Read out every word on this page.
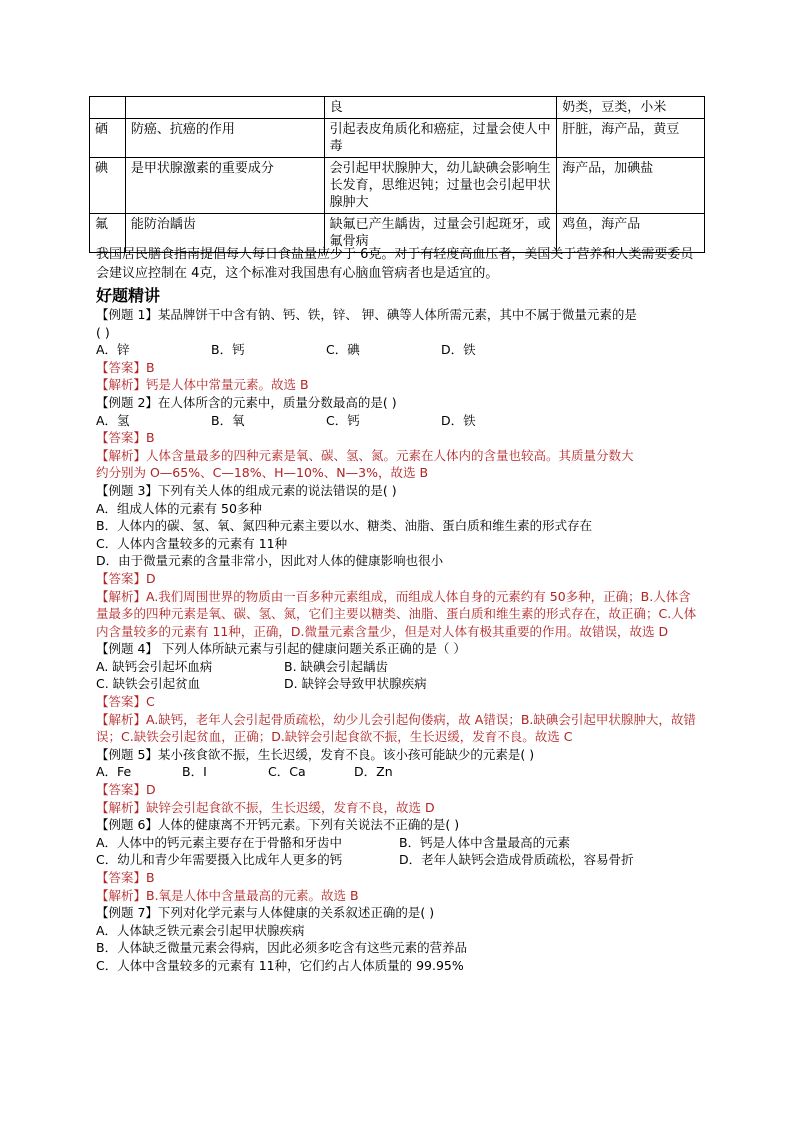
		良	奶类，豆类，小米
硒	防癌、抗癌的作用	引起表皮角质化和癌症，过量会使人中毒	肝脏，海产品，黄豆
碘	是甲状腺激素的重要成分	会引起甲状腺肿大，幼儿缺碘会影响生长发育，思维迟钝；过量也会引起甲状腺肿大	海产品，加碘盐
氟	能防治龋齿	缺氟已产生龋齿，过量会引起斑牙，或氟骨病	鸡鱼，海产品
我国居民膳食指南提倡每人每日食盐量应少于 6克。对于有轻度高血压者，美国关于营养和人类需要委员会建议应控制在 4克，这个标准对我国患有心脑血管病者也是适宜的。
好题精讲
【例题 1】某品牌饼干中含有钠、钙、铁，锌、 钾、碘等人体所需元素，其中不属于微量元素的是
( )
A．锌	B．钙	C．碘	D．铁
【答案】B
【解析】钙是人体中常量元素。故选 B
【例题 2】在人体所含的元素中，质量分数最高的是( )
A．氢	B．氧	C．钙	D．铁
【答案】B
【解析】人体含量最多的四种元素是氧、碳、氢、氮。元素在人体内的含量也较高。其质量分数大
约分别为 O—65%、C—18%、H—10%、N—3%，故选 B
【例题 3】下列有关人体的组成元素的说法错误的是( )
A．组成人体的元素有 50多种
B．人体内的碳、氢、氧、氮四种元素主要以水、糖类、油脂、蛋白质和维生素的形式存在
C．人体内含量较多的元素有 11种
D．由于微量元素的含量非常小，因此对人体的健康影响也很小
【答案】D
【解析】A.我们周围世界的物质由一百多种元素组成，而组成人体自身的元素约有 50多种，正确；B.人体含量最多的四种元素是氧、碳、氢、氮，它们主要以糖类、油脂、蛋白质和维生素的形式存在，故正确；C.人体内含量较多的元素有 11种，正确，D.微量元素含量少，但是对人体有极其重要的作用。故错误，故选 D
【例题 4】 下列人体所缺元素与引起的健康问题关系正确的是（ ）
A. 缺钙会引起坏血病	B. 缺碘会引起龋齿
C. 缺铁会引起贫血	D. 缺锌会导致甲状腺疾病
【答案】C
【解析】A.缺钙，老年人会引起骨质疏松，幼少儿会引起佝偻病，故 A错误；B.缺碘会引起甲状腺肿大，故错误；C.缺铁会引起贫血，正确；D.缺锌会引起食欲不振，生长迟缓，发育不良。故选 C
【例题 5】某小孩食欲不振，生长迟缓，发育不良。该小孩可能缺少的元素是( )
A．Fe	B．I	C．Ca	D．Zn
【答案】D
【解析】缺锌会引起食欲不振，生长迟缓，发育不良，故选 D
【例题 6】人体的健康离不开钙元素。下列有关说法不正确的是( )
A．人体中的钙元素主要存在于骨骼和牙齿中	B．钙是人体中含量最高的元素
C．幼儿和青少年需要摄入比成年人更多的钙	D．老年人缺钙会造成骨质疏松，容易骨折
【答案】B
【解析】B.氧是人体中含量最高的元素。故选 B
【例题 7】下列对化学元素与人体健康的关系叙述正确的是( )
A．人体缺乏铁元素会引起甲状腺疾病
B．人体缺乏微量元素会得病，因此必须多吃含有这些元素的营养品
C．人体中含量较多的元素有 11种，它们约占人体质量的 99.95%
